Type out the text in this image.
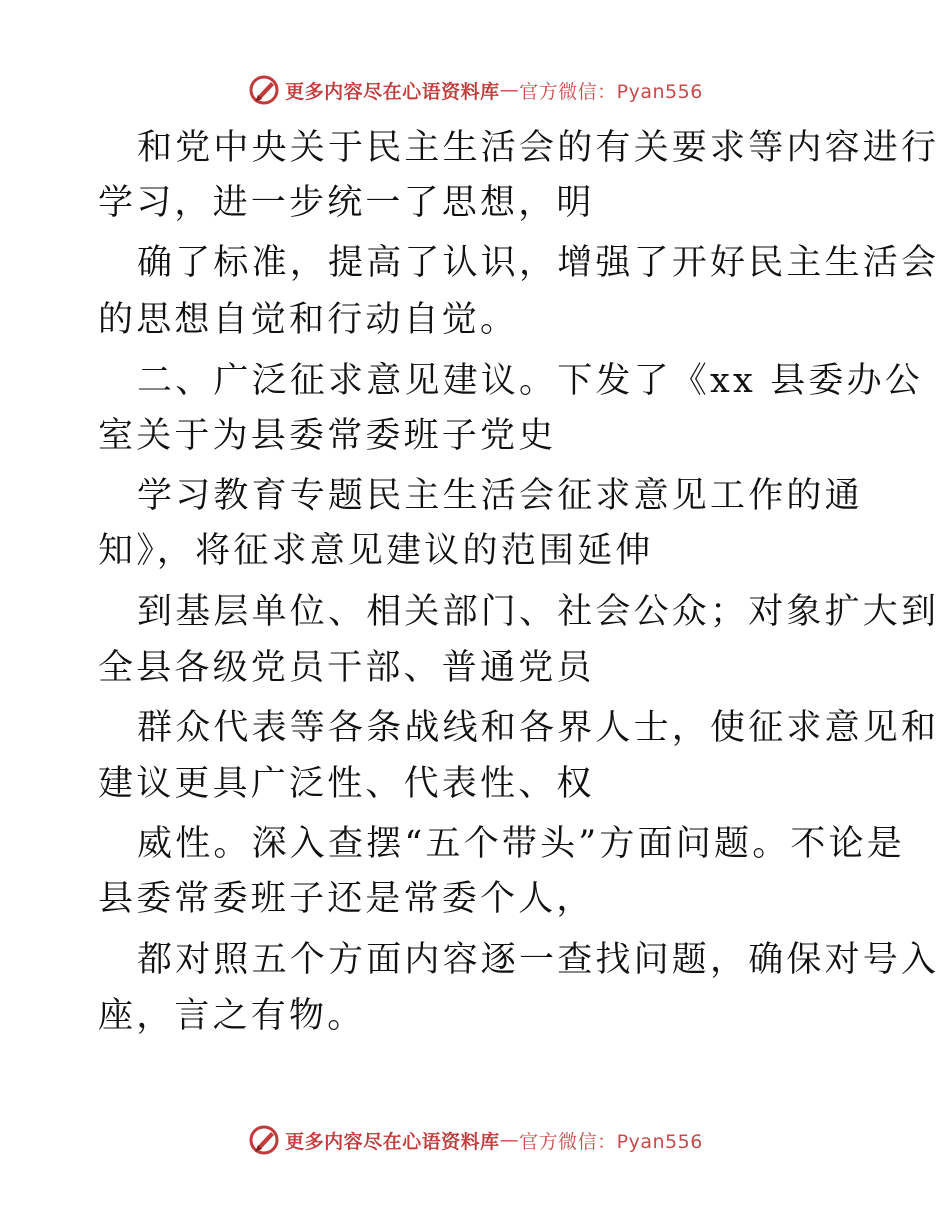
更多内容尽在心语资料库 — 官方微信：Pyan556
和党中央关于民主生活会的有关要求等内容进行
学习，进一步统一了思想，明
确了标准，提高了认识，增强了开好民主生活会
的思想自觉和行动自觉。
二、广泛征求意见建议。下发了《xx 县委办公
室关于为县委常委班子党史
学习教育专题民主生活会征求意见工作的通
知》，将征求意见建议的范围延伸
到基层单位、相关部门、社会公众；对象扩大到
全县各级党员干部、普通党员
群众代表等各条战线和各界人士，使征求意见和
建议更具广泛性、代表性、权
威性。深入查摆“五个带头”方面问题。不论是
县委常委班子还是常委个人，
都对照五个方面内容逐一查找问题，确保对号入
座，言之有物。
更多内容尽在心语资料库 — 官方微信：Pyan556
